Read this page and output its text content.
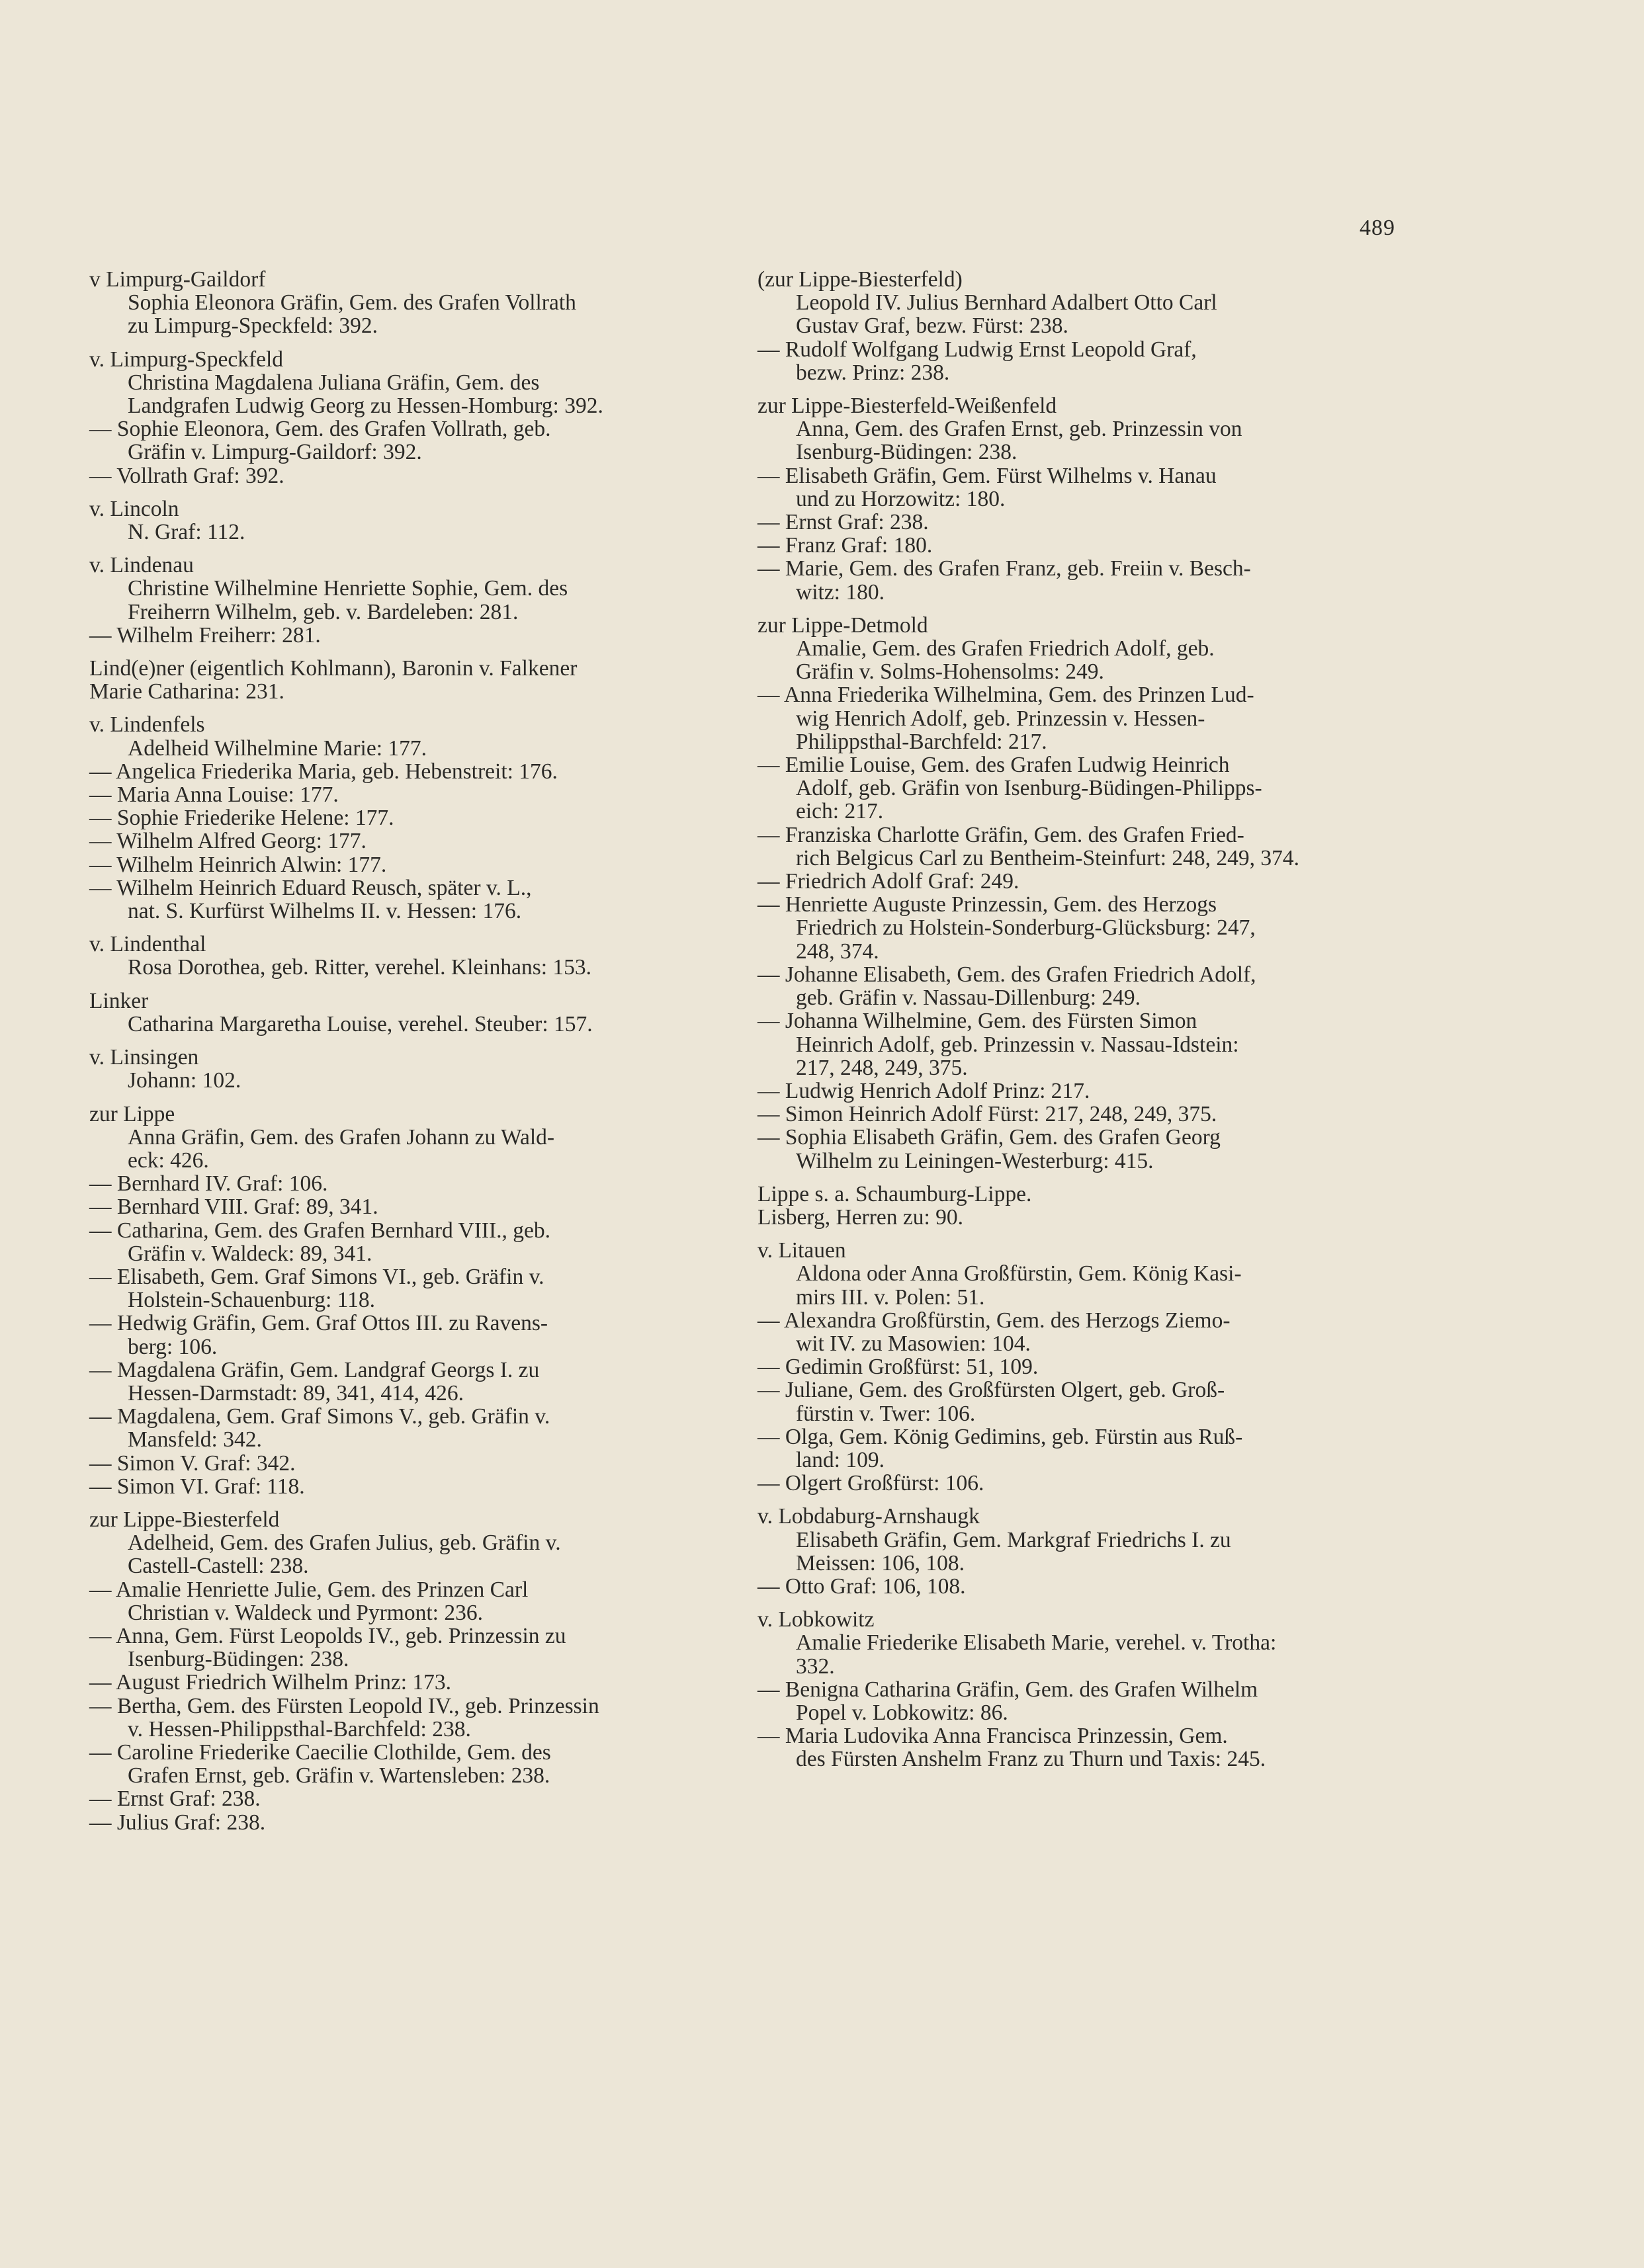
489
v Limpurg-Gaildorf
Sophia Eleonora Gräfin, Gem. des Grafen Vollrath
zu Limpurg-Speckfeld: 392.
v. Limpurg-Speckfeld
Christina Magdalena Juliana Gräfin, Gem. des
Landgrafen Ludwig Georg zu Hessen-Homburg: 392.
— Sophie Eleonora, Gem. des Grafen Vollrath, geb.
Gräfin v. Limpurg-Gaildorf: 392.
— Vollrath Graf: 392.
v. Lincoln
N. Graf: 112.
v. Lindenau
Christine Wilhelmine Henriette Sophie, Gem. des
Freiherrn Wilhelm, geb. v. Bardeleben: 281.
— Wilhelm Freiherr: 281.
Lind(e)ner (eigentlich Kohlmann), Baronin v. Falkener
Marie Catharina: 231.
v. Lindenfels
Adelheid Wilhelmine Marie: 177.
— Angelica Friederika Maria, geb. Hebenstreit: 176.
— Maria Anna Louise: 177.
— Sophie Friederike Helene: 177.
— Wilhelm Alfred Georg: 177.
— Wilhelm Heinrich Alwin: 177.
— Wilhelm Heinrich Eduard Reusch, später v. L.,
nat. S. Kurfürst Wilhelms II. v. Hessen: 176.
v. Lindenthal
Rosa Dorothea, geb. Ritter, verehel. Kleinhans: 153.
Linker
Catharina Margaretha Louise, verehel. Steuber: 157.
v. Linsingen
Johann: 102.
zur Lippe
Anna Gräfin, Gem. des Grafen Johann zu Wald-
eck: 426.
— Bernhard IV. Graf: 106.
— Bernhard VIII. Graf: 89, 341.
— Catharina, Gem. des Grafen Bernhard VIII., geb.
Gräfin v. Waldeck: 89, 341.
— Elisabeth, Gem. Graf Simons VI., geb. Gräfin v.
Holstein-Schauenburg: 118.
— Hedwig Gräfin, Gem. Graf Ottos III. zu Ravens-
berg: 106.
— Magdalena Gräfin, Gem. Landgraf Georgs I. zu
Hessen-Darmstadt: 89, 341, 414, 426.
— Magdalena, Gem. Graf Simons V., geb. Gräfin v.
Mansfeld: 342.
— Simon V. Graf: 342.
— Simon VI. Graf: 118.
zur Lippe-Biesterfeld
Adelheid, Gem. des Grafen Julius, geb. Gräfin v.
Castell-Castell: 238.
— Amalie Henriette Julie, Gem. des Prinzen Carl
Christian v. Waldeck und Pyrmont: 236.
— Anna, Gem. Fürst Leopolds IV., geb. Prinzessin zu
Isenburg-Büdingen: 238.
— August Friedrich Wilhelm Prinz: 173.
— Bertha, Gem. des Fürsten Leopold IV., geb. Prinzessin
v. Hessen-Philippsthal-Barchfeld: 238.
— Caroline Friederike Caecilie Clothilde, Gem. des
Grafen Ernst, geb. Gräfin v. Wartensleben: 238.
— Ernst Graf: 238.
— Julius Graf: 238.
(zur Lippe-Biesterfeld)
Leopold IV. Julius Bernhard Adalbert Otto Carl
Gustav Graf, bezw. Fürst: 238.
— Rudolf Wolfgang Ludwig Ernst Leopold Graf,
bezw. Prinz: 238.
zur Lippe-Biesterfeld-Weißenfeld
Anna, Gem. des Grafen Ernst, geb. Prinzessin von
Isenburg-Büdingen: 238.
— Elisabeth Gräfin, Gem. Fürst Wilhelms v. Hanau
und zu Horzowitz: 180.
— Ernst Graf: 238.
— Franz Graf: 180.
— Marie, Gem. des Grafen Franz, geb. Freiin v. Besch-
witz: 180.
zur Lippe-Detmold
Amalie, Gem. des Grafen Friedrich Adolf, geb.
Gräfin v. Solms-Hohensolms: 249.
— Anna Friederika Wilhelmina, Gem. des Prinzen Lud-
wig Henrich Adolf, geb. Prinzessin v. Hessen-
Philippsthal-Barchfeld: 217.
— Emilie Louise, Gem. des Grafen Ludwig Heinrich
Adolf, geb. Gräfin von Isenburg-Büdingen-Philipps-
eich: 217.
— Franziska Charlotte Gräfin, Gem. des Grafen Fried-
rich Belgicus Carl zu Bentheim-Steinfurt: 248, 249, 374.
— Friedrich Adolf Graf: 249.
— Henriette Auguste Prinzessin, Gem. des Herzogs
Friedrich zu Holstein-Sonderburg-Glücksburg: 247,
248, 374.
— Johanne Elisabeth, Gem. des Grafen Friedrich Adolf,
geb. Gräfin v. Nassau-Dillenburg: 249.
— Johanna Wilhelmine, Gem. des Fürsten Simon
Heinrich Adolf, geb. Prinzessin v. Nassau-Idstein:
217, 248, 249, 375.
— Ludwig Henrich Adolf Prinz: 217.
— Simon Heinrich Adolf Fürst: 217, 248, 249, 375.
— Sophia Elisabeth Gräfin, Gem. des Grafen Georg
Wilhelm zu Leiningen-Westerburg: 415.
Lippe s. a. Schaumburg-Lippe.
Lisberg, Herren zu: 90.
v. Litauen
Aldona oder Anna Großfürstin, Gem. König Kasi-
mirs III. v. Polen: 51.
— Alexandra Großfürstin, Gem. des Herzogs Ziemo-
wit IV. zu Masowien: 104.
— Gedimin Großfürst: 51, 109.
— Juliane, Gem. des Großfürsten Olgert, geb. Groß-
fürstin v. Twer: 106.
— Olga, Gem. König Gedimins, geb. Fürstin aus Ruß-
land: 109.
— Olgert Großfürst: 106.
v. Lobdaburg-Arnshaugk
Elisabeth Gräfin, Gem. Markgraf Friedrichs I. zu
Meissen: 106, 108.
— Otto Graf: 106, 108.
v. Lobkowitz
Amalie Friederike Elisabeth Marie, verehel. v. Trotha:
332.
— Benigna Catharina Gräfin, Gem. des Grafen Wilhelm
Popel v. Lobkowitz: 86.
— Maria Ludovika Anna Francisca Prinzessin, Gem.
des Fürsten Anshelm Franz zu Thurn und Taxis: 245.
